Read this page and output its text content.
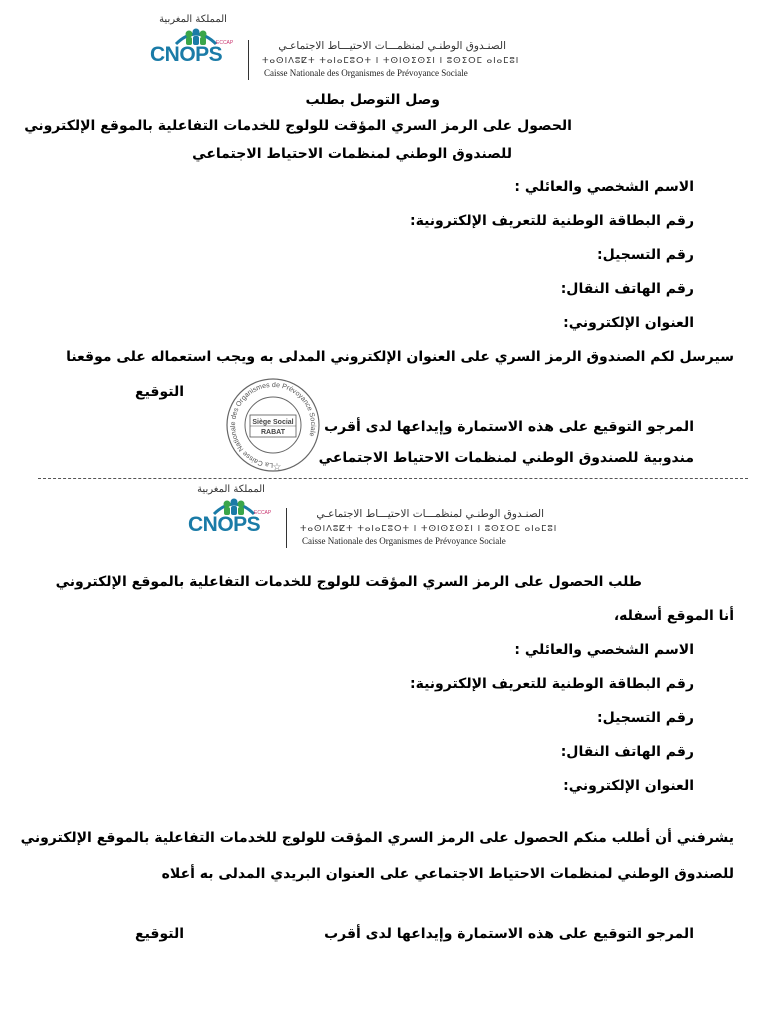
المملكة المغربية
CNOPS
ECCAP	الصنـدوق الوطنـي لمنظمـــات الاحتيـــاط الاجتماعـي
ⵜⴰⵙⵏⴷⵓⵇⵜ ⵜⴰⵏⴰⵎⵓⵔⵜ ⵏ ⵜⵙⵏⵙⵉⵙⵉⵏ ⵏ ⵓⵙⵉⵔⵎ ⴰⵏⴰⵎⵓⵏ
Caisse Nationale des Organismes de Prévoyance Sociale
وصل التوصل بطلب
الحصول على الرمز السري المؤقت للولوج للخدمات التفاعلية بالموقع الإلكتروني
للصندوق الوطني لمنظمات الاحتياط الاجتماعي
الاسم الشخصي والعائلي :
رقم البطاقة الوطنية للتعريف الإلكترونية:
رقم التسجيل:
رقم الهاتف النقال:
العنوان الإلكتروني:
سيرسل لكم الصندوق الرمز السري على العنوان الإلكتروني المدلى به ويجب استعماله على موقعنا
التوقيع
La Caisse Nationale des Organismes de Prévoyance Sociale
Siège Social
RABAT
☆
المرجو التوقيع على هذه الاستمارة وإيداعها لدى أقرب
مندوبية للصندوق الوطني لمنظمات الاحتياط الاجتماعي
المملكة المغربية
CNOPS
ECCAP	الصنـدوق الوطنـي لمنظمـــات الاحتيـــاط الاجتماعـي
ⵜⴰⵙⵏⴷⵓⵇⵜ ⵜⴰⵏⴰⵎⵓⵔⵜ ⵏ ⵜⵙⵏⵙⵉⵙⵉⵏ ⵏ ⵓⵙⵉⵔⵎ ⴰⵏⴰⵎⵓⵏ
Caisse Nationale des Organismes de Prévoyance Sociale
طلب الحصول على الرمز السري المؤقت للولوج للخدمات التفاعلية بالموقع الإلكتروني
أنا الموقع أسفله،
الاسم الشخصي والعائلي :
رقم البطاقة الوطنية للتعريف الإلكترونية:
رقم التسجيل:
رقم الهاتف النقال:
العنوان الإلكتروني:
يشرفني أن أطلب منكم الحصول على الرمز السري المؤقت للولوج للخدمات التفاعلية بالموقع الإلكتروني
للصندوق الوطني لمنظمات الاحتياط الاجتماعي على العنوان البريدي المدلى به أعلاه
المرجو التوقيع على هذه الاستمارة وإيداعها لدى أقرب
التوقيع
